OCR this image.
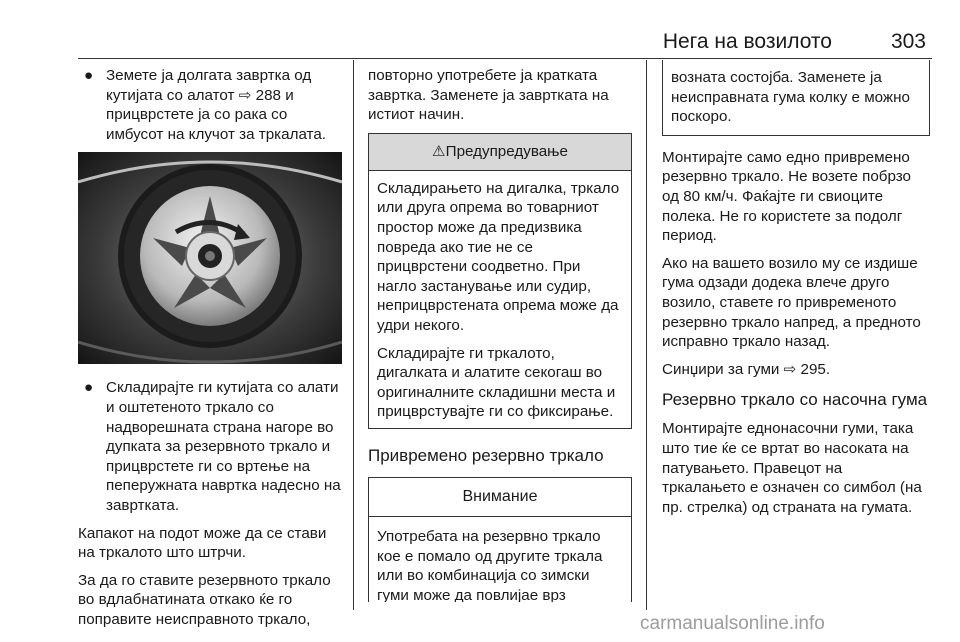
Нега на возилото	303

● Земете ја долгата завртка од кутијата со алатот ⇨ 288 и прицврстете ја со рака со имбусот на клучот за тркалата.

● Складирајте ги кутијата со алати и оштетеното тркало со надворешната страна нагоре во дупката за резервното тркало и прицврстете ги со вртење на пеперужната навртка надесно на завртката.

Капакот на подот може да се стави на тркалото што штрчи.

За да го ставите резервното тркало во вдлабнатината откако ќе го поправите неисправното тркало,

повторно употребете ја кратката завртка. Заменете ја завртката на истиот начин.

⚠Предупредување

Складирањето на дигалка, тркало или друга опрема во товарниот простор може да предизвика повреда ако тие не се прицврстени соодветно. При нагло застанување или судир, неприцврстената опрема може да удри некого.

Складирајте ги тркалото, дигалката и алатите секогаш во оригиналните складишни места и прицврстувајте ги со фиксирање.

Привремено резервно тркало
Внимание

Употребата на резервно тркало кое е помало од другите тркала или во комбинација со зимски гуми може да повлијае врз

возната состојба. Заменете ја неисправната гума колку е можно поскоро.

Монтирајте само едно привремено резервно тркало. Не возете побрзо од 80 км/ч. Фаќајте ги свиоците полека. Не го користете за подолг период.

Ако на вашето возило му се издише гума одзади додека влече друго возило, ставете го привременото резервно тркало напред, а предното исправно тркало назад.

Синџири за гуми ⇨ 295.

Резервно тркало со насочна гума

Монтирајте еднонасочни гуми, така што тие ќе се вртат во насоката на патувањето. Правецот на тркалањето е означен со симбол (на пр. стрелка) од страната на гумата.

carmanualsonline.info
